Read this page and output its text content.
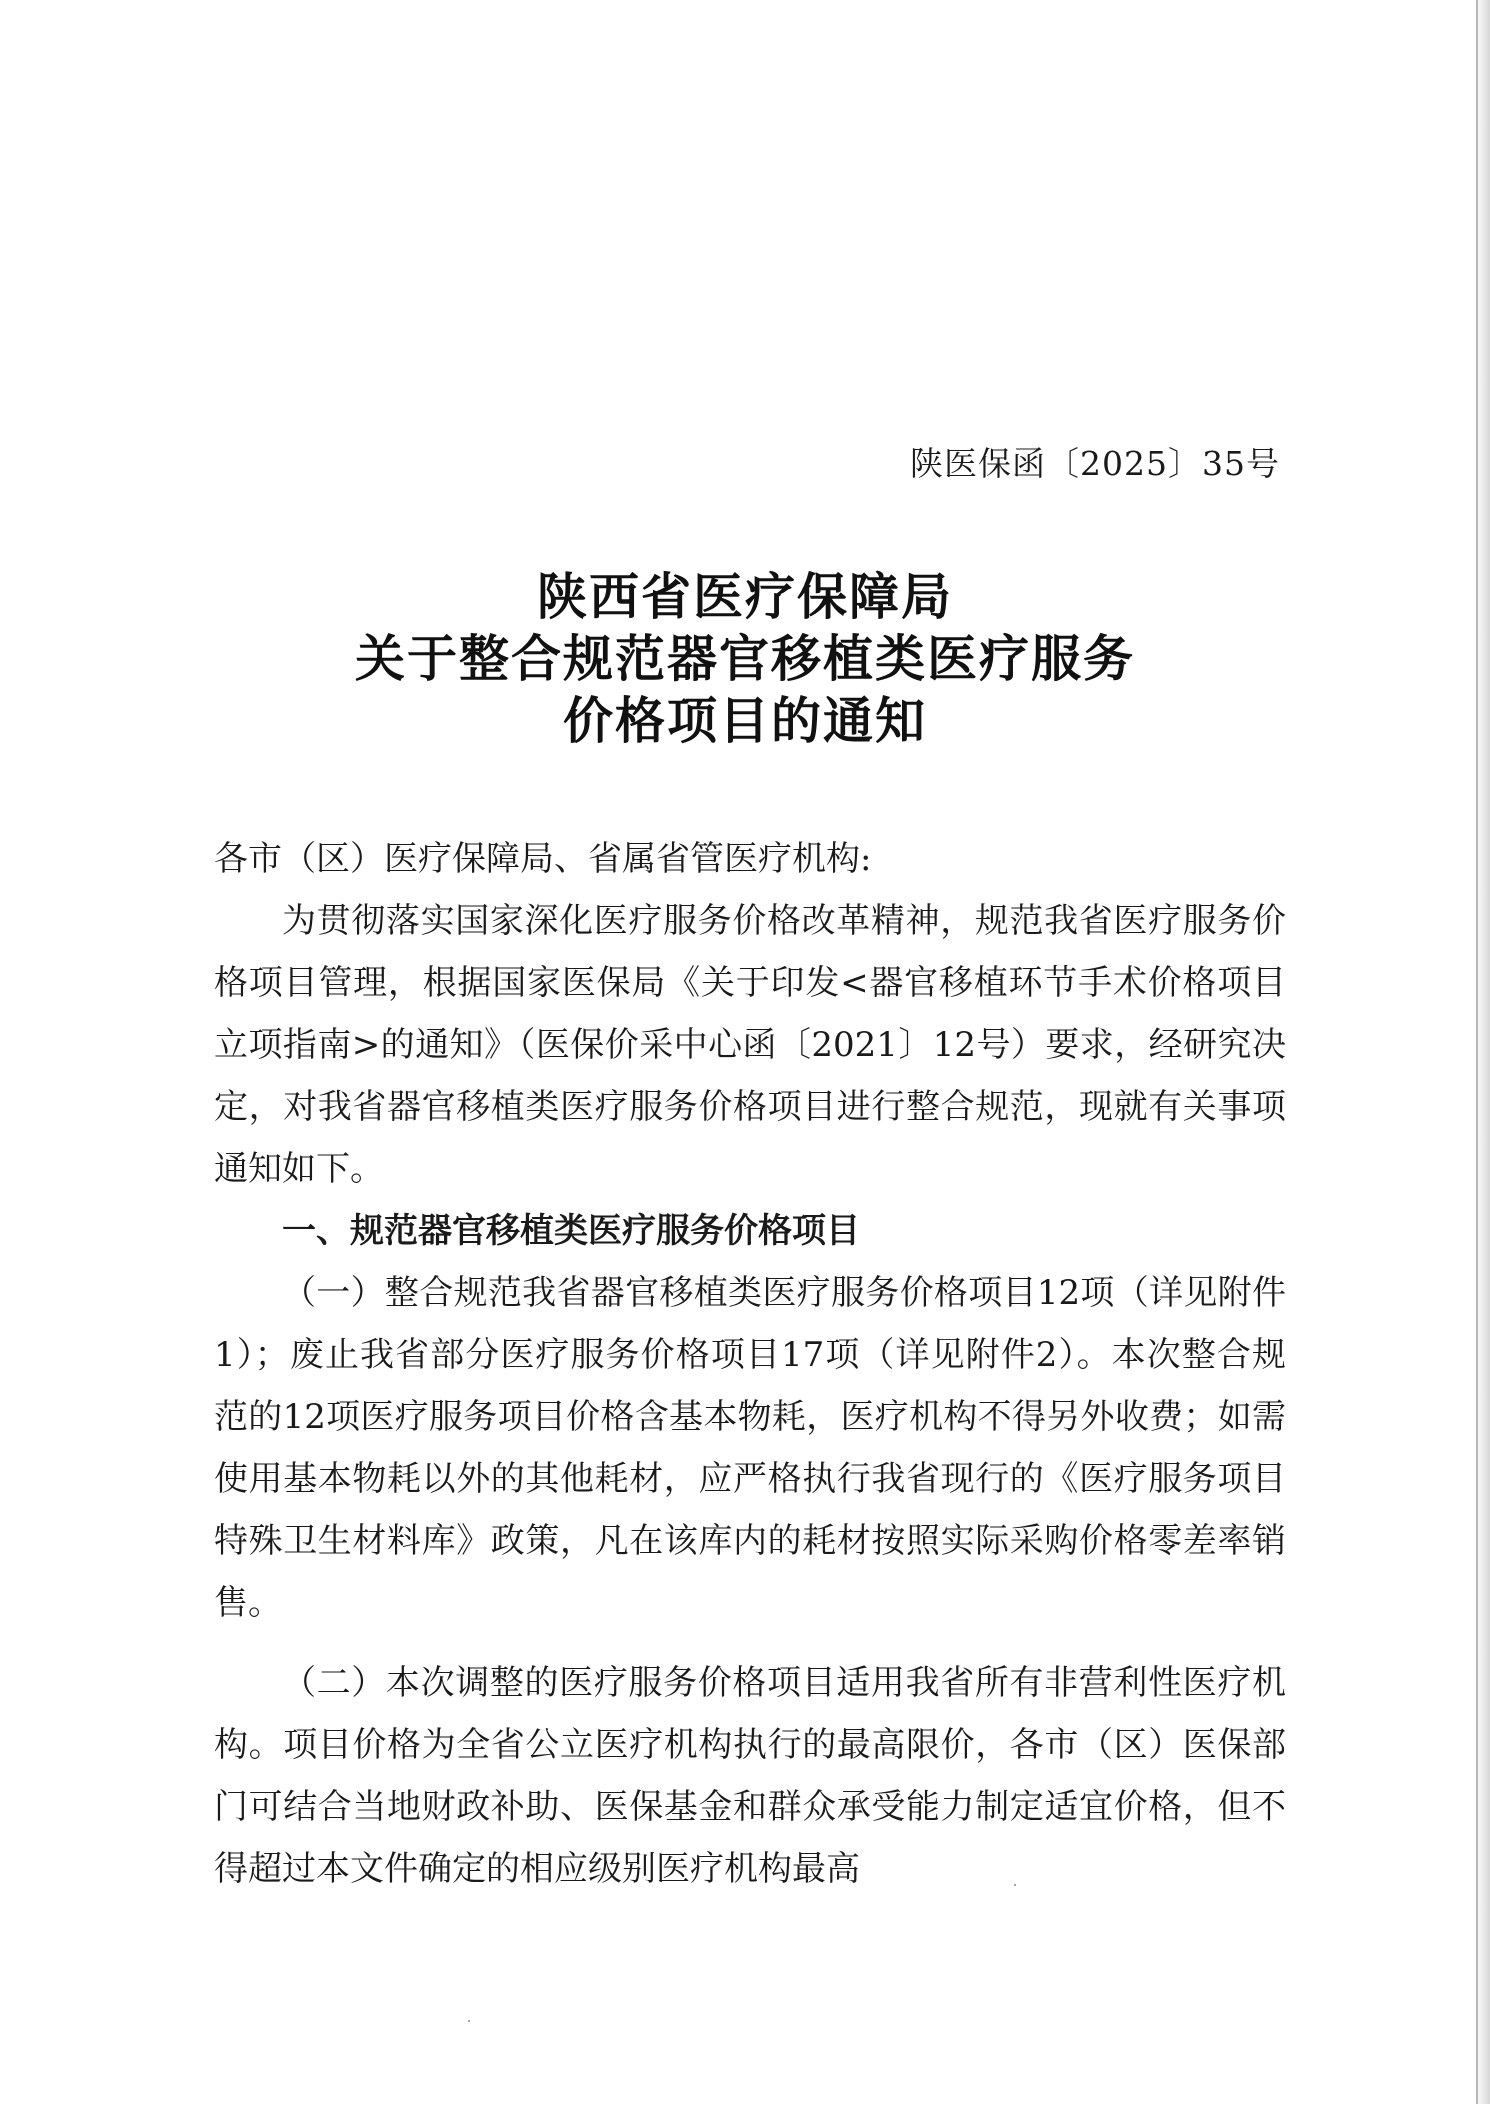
陕医保函〔2025〕35号
陕西省医疗保障局
关于整合规范器官移植类医疗服务
价格项目的通知

各市（区）医疗保障局、省属省管医疗机构:

为贯彻落实国家深化医疗服务价格改革精神，规范我省医疗服务价格项目管理，根据国家医保局《关于印发<器官移植环节手术价格项目立项指南>的通知》（医保价采中心函〔2021〕12号）要求，经研究决定，对我省器官移植类医疗服务价格项目进行整合规范，现就有关事项通知如下。

一、规范器官移植类医疗服务价格项目

（一）整合规范我省器官移植类医疗服务价格项目12项（详见附件1）；废止我省部分医疗服务价格项目17项（详见附件2）。本次整合规范的12项医疗服务项目价格含基本物耗，医疗机构不得另外收费；如需使用基本物耗以外的其他耗材，应严格执行我省现行的《医疗服务项目特殊卫生材料库》政策，凡在该库内的耗材按照实际采购价格零差率销售。

（二）本次调整的医疗服务价格项目适用我省所有非营利性医疗机构。项目价格为全省公立医疗机构执行的最高限价，各市（区）医保部门可结合当地财政补助、医保基金和群众承受能力制定适宜价格，但不得超过本文件确定的相应级别医疗机构最高
